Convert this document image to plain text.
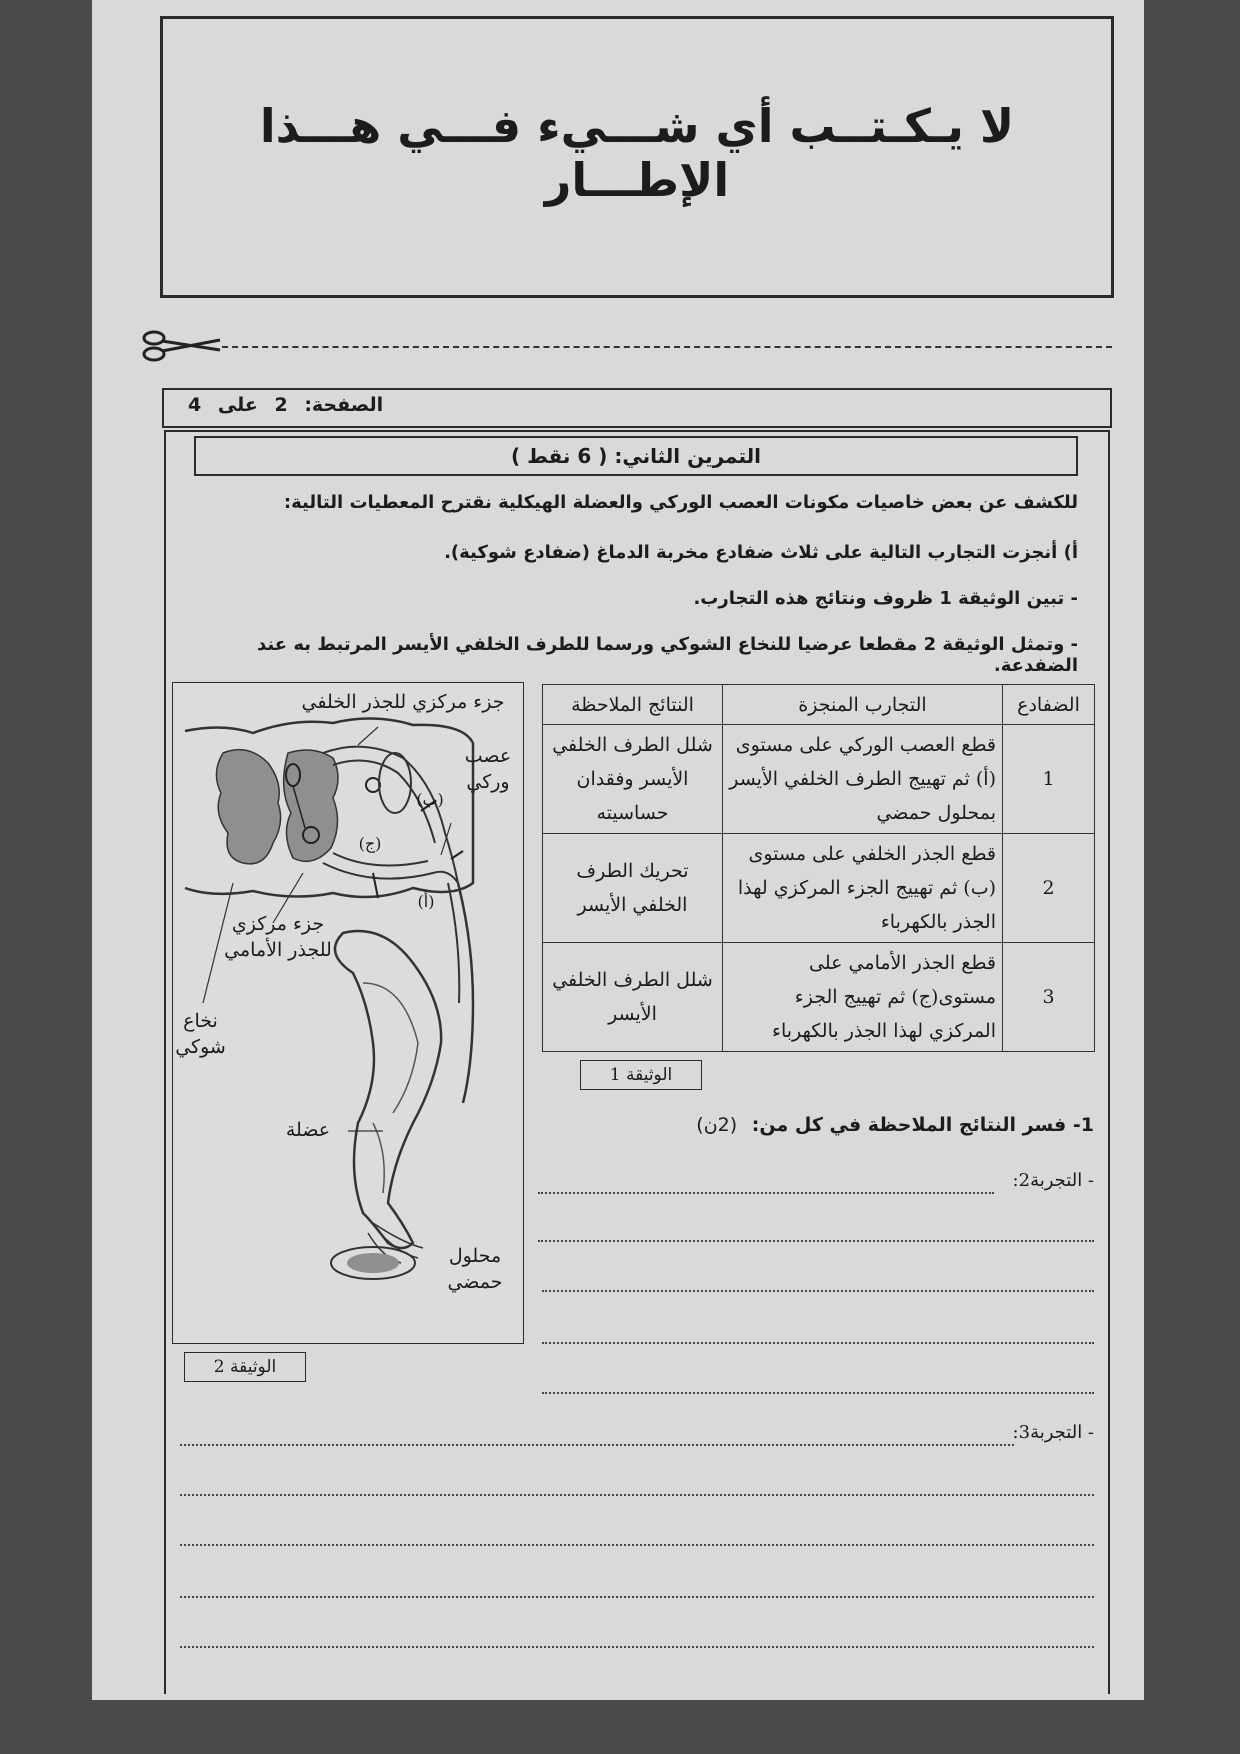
لا يـكـتــب أي شـــيء فـــي هـــذا الإطـــار
الصفحة: 2 على 4
التمرين الثاني: ( 6 نقط )
للكشف عن بعض خاصيات مكونات العصب الوركي والعضلة الهيكلية نقترح المعطيات التالية:
أ) أنجزت التجارب التالية على ثلاث ضفادع مخربة الدماغ (ضفادع شوكية).
- تبين الوثيقة 1 ظروف ونتائج هذه التجارب.
- وتمثل الوثيقة 2 مقطعا عرضيا للنخاع الشوكي ورسما للطرف الخلفي الأيسر المرتبط به عند الضفدعة.
جزء مركزي للجذر الخلفي
عصب وركي
جزء مركزي للجذر الأمامي
نخاع شوكي
عضلة
محلول حمضي
(أ)
(ب)
(ج)
الوثيقة 2
الضفادع	التجارب المنجزة	النتائج الملاحظة
1	قطع العصب الوركي على مستوى (أ) ثم تهييج الطرف الخلفي الأيسر بمحلول حمضي	شلل الطرف الخلفي الأيسر وفقدان حساسيته
2	قطع الجذر الخلفي على مستوى (ب) ثم تهييج الجزء المركزي لهذا الجذر بالكهرباء	تحريك الطرف الخلفي الأيسر
3	قطع الجذر الأمامي على مستوى(ج) ثم تهييج الجزء المركزي لهذا الجذر بالكهرباء	شلل الطرف الخلفي الأيسر
الوثيقة 1
1- فسر النتائج الملاحظة في كل من: (2ن)
- التجربة2:
- التجربة3:
